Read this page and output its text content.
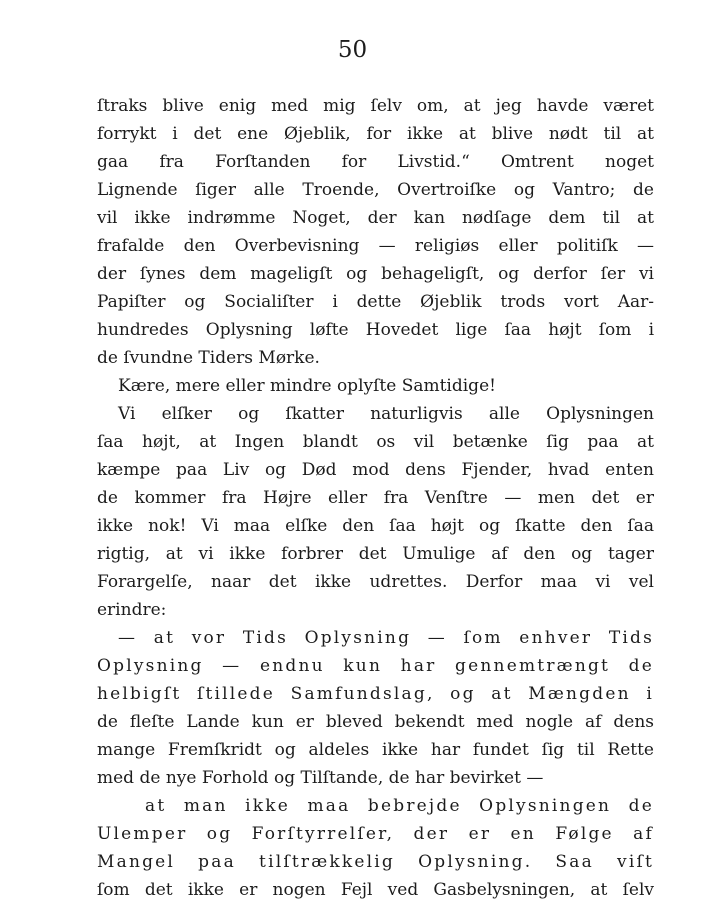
50
ſtraks blive enig med mig ſelv om, at jeg havde været
forrykt i det ene Øjeblik, for ikke at blive nødt til at
gaa fra Forſtanden for Livstid.“ Omtrent noget
Lignende ſiger alle Troende, Overtroiſke og Vantro; de
vil ikke indrømme Noget, der kan nødſage dem til at
frafalde den Overbevisning — religiøs eller politiſk —
der ſynes dem mageligſt og behageligſt, og derfor ſer vi
Papiſter og Socialiſter i dette Øjeblik trods vort Aar-
hundredes Oplysning løfte Hovedet lige ſaa højt ſom i
de ſvundne Tiders Mørke.
Kære, mere eller mindre oplyſte Samtidige!
Vi elſker og ſkatter naturligvis alle Oplysningen
ſaa højt, at Ingen blandt os vil betænke ſig paa at
kæmpe paa Liv og Død mod dens Fjender, hvad enten
de kommer fra Højre eller fra Venſtre — men det er
ikke nok! Vi maa elſke den ſaa højt og ſkatte den ſaa
rigtig, at vi ikke forbrer det Umulige af den og tager
Forargelſe, naar det ikke udrettes. Derfor maa vi vel
erindre:
— at vor Tids Oplysning — ſom enhver Tids
Oplysning — endnu kun har gennemtrængt de
helbigſt ſtillede Samfundslag, og at Mængden i
de fleſte Lande kun er bleved bekendt med nogle af dens
mange Fremſkridt og aldeles ikke har fundet ſig til Rette
med de nye Forhold og Tilſtande, de har bevirket —
at man ikke maa bebrejde Oplysningen de
Ulemper og Forſtyrrelſer, der er en Følge af
Mangel paa tilſtrækkelig Oplysning. Saa viſt
ſom det ikke er nogen Fejl ved Gasbelysningen, at ſelv
